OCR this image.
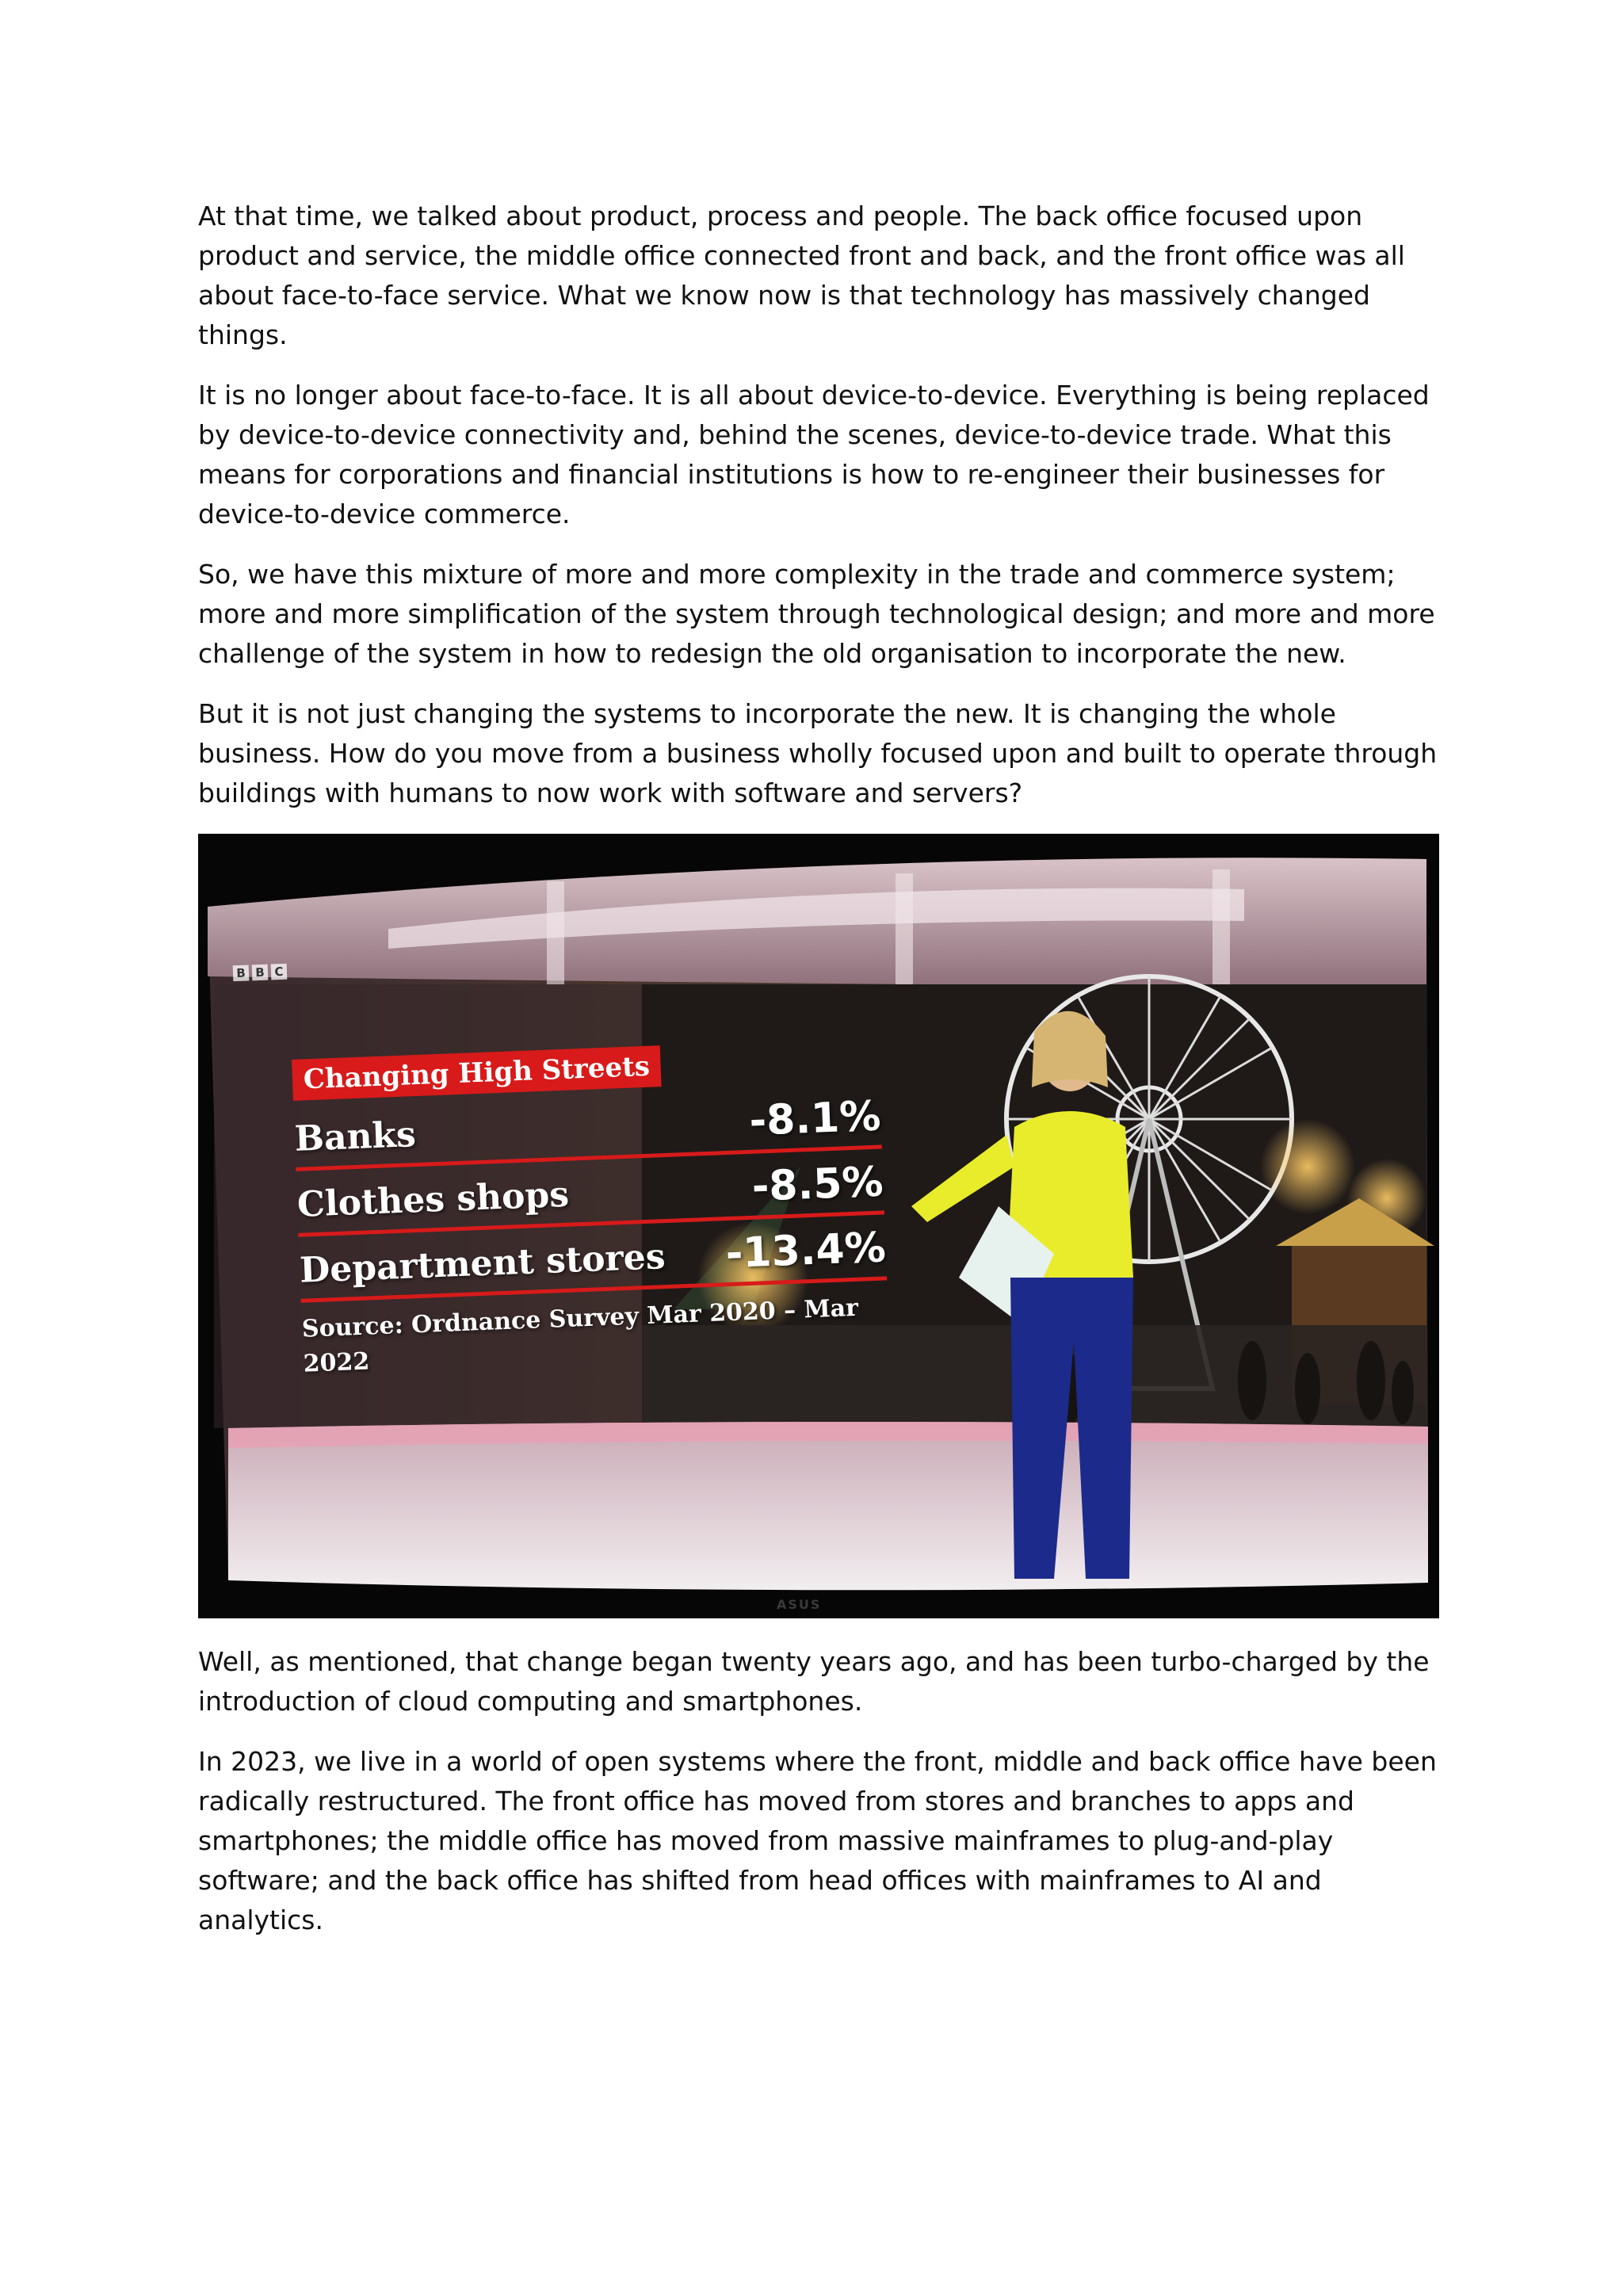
At that time, we talked about product, process and people. The back office focused upon product and service, the middle office connected front and back, and the front office was all about face-to-face service. What we know now is that technology has massively changed things.

It is no longer about face-to-face. It is all about device-to-device. Everything is being replaced by device-to-device connectivity and, behind the scenes, device-to-device trade. What this means for corporations and financial institutions is how to re-engineer their businesses for device-to-device commerce.

So, we have this mixture of more and more complexity in the trade and commerce system; more and more simplification of the system through technological design; and more and more challenge of the system in how to redesign the old organisation to incorporate the new.

But it is not just changing the systems to incorporate the new. It is changing the whole business. How do you move from a business wholly focused upon and built to operate through buildings with humans to now work with software and servers?

B B C
Changing High Streets
Banks	-8.1%
Clothes shops	-8.5%
Department stores -13.4%
Source: Ordnance Survey Mar 2020 – Mar 2022
ASUS

Well, as mentioned, that change began twenty years ago, and has been turbo-charged by the introduction of cloud computing and smartphones.

In 2023, we live in a world of open systems where the front, middle and back office have been radically restructured. The front office has moved from stores and branches to apps and smartphones; the middle office has moved from massive mainframes to plug-and-play software; and the back office has shifted from head offices with mainframes to AI and analytics.
